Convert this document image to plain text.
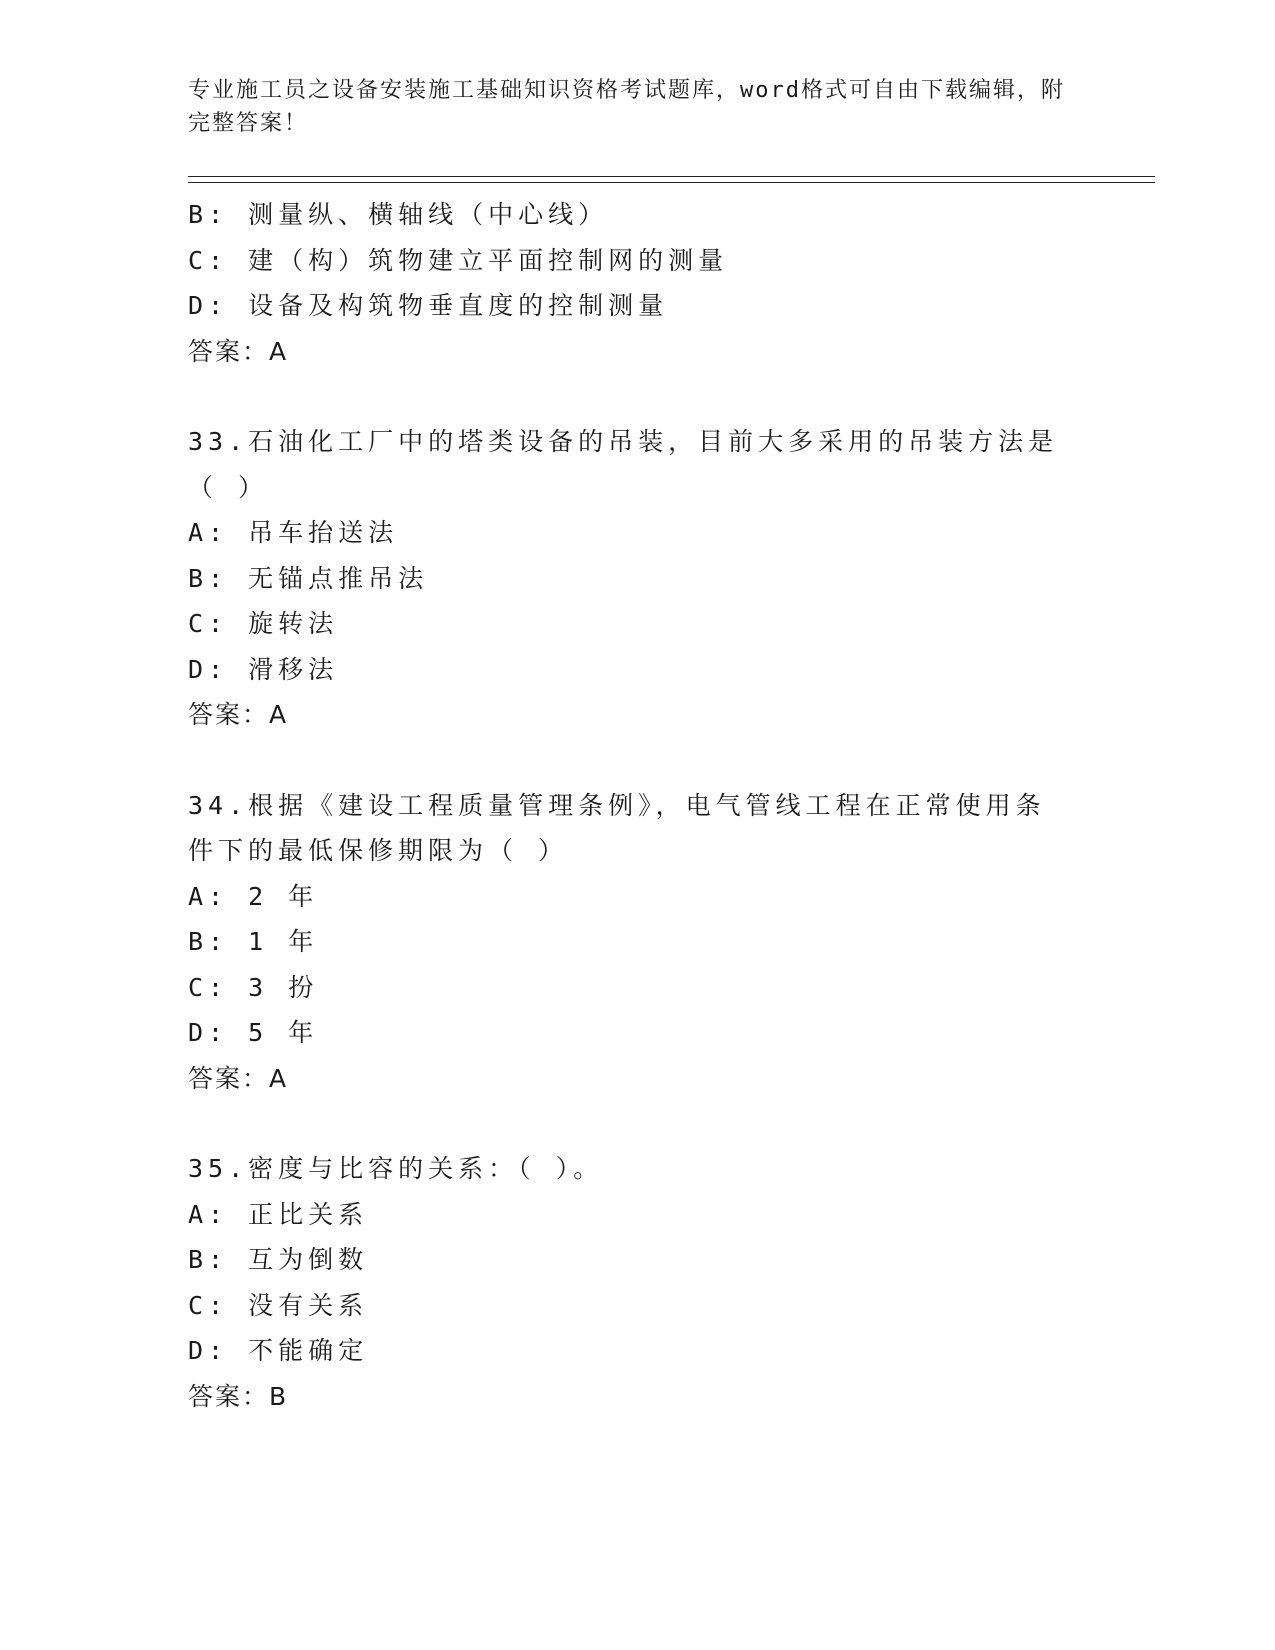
专业施工员之设备安装施工基础知识资格考试题库，word格式可自由下载编辑，附完整答案！
B: 测量纵、横轴线（中心线）
C: 建（构）筑物建立平面控制网的测量
D: 设备及构筑物垂直度的控制测量
答案：A
33.石油化工厂中的塔类设备的吊装，目前大多采用的吊装方法是（ ）
A: 吊车抬送法
B: 无锚点推吊法
C: 旋转法
D: 滑移法
答案：A
34.根据《建设工程质量管理条例》，电气管线工程在正常使用条件下的最低保修期限为（ ）
A: 2 年
B: 1 年
C: 3 扮
D: 5 年
答案：A
35.密度与比容的关系：（ ）。
A: 正比关系
B: 互为倒数
C: 没有关系
D: 不能确定
答案：B
